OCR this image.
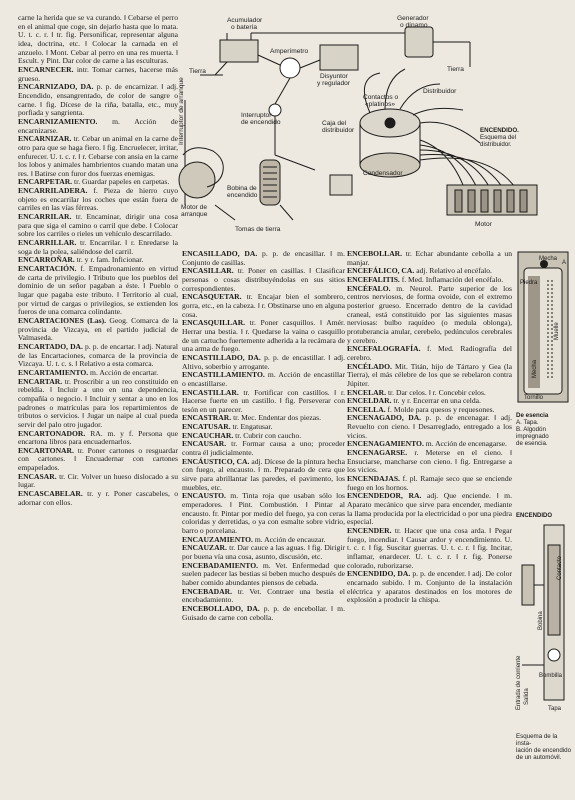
Acumulador
o batería
Generador
o dínamo
Tierra	Tierra
Amperímetro
Disyuntor
y regulador
Interruptor de arranque	Interruptor
de encendido
Distribuidor
Contactos o
«platinos»
Caja del
distribuidor
Condensador
Bobina de
encendido
Motor de
arranque
Tomas de tierra
Motor
ENCENDIDO.
Esquema del
distribuidor.

carne la herida que se va curando. ‖ Cebarse el perro en el animal que coge, sin dejarlo hasta que lo mata. U. t. c. r. ‖ tr. fig. Personificar, representar alguna idea, doctrina, etc. ‖ Colocar la carnada en el anzuelo. ‖ Mont. Cebar al perro en una res muerta. ‖ Escult. y Pint. Dar color de carne a las esculturas.

ENCARNECER. intr. Tomar carnes, hacerse más grueso.

ENCARNIZADO, DA. p. p. de encarnizar. ‖ adj. Encendido, ensangrentado, de color de sangre o carne. ‖ fig. Dícese de la riña, batalla, etc., muy porfiada y sangrienta.

ENCARNIZAMIENTO. m. Acción de encarnizarse.

ENCARNIZAR. tr. Cebar un animal en la carne de otro para que se haga fiero. ‖ fig. Encruelecer, irritar, enfurecer. U. t. c. r. ‖ r. Cebarse con ansia en la carne los lobos y animales hambrientos cuando matan una res. ‖ Batirse con furor dos fuerzas enemigas.

ENCARPETAR. tr. Guardar papeles en carpetas.

ENCARRILADERA. f. Pieza de hierro cuyo objeto es encarrilar los coches que están fuera de carriles en las vías férreas.

ENCARRILAR. tr. Encaminar, dirigir una cosa para que siga el camino o carril que debe. ‖ Colocar sobre los carriles o rieles un vehículo descarrilado.

ENCARRILLAR. tr. Encarrilar. ‖ r. Enredarse la soga de la polea, saliéndose del carril.

ENCARROÑAR. tr. y r. fam. Inficionar.

ENCARTACIÓN. f. Empadronamiento en virtud de carta de privilegio. ‖ Tributo que los pueblos del dominio de un señor pagaban a éste. ‖ Pueblo o lugar que pagaba este tributo. ‖ Territorio al cual, por virtud de cargas o privilegios, se extienden los fueros de una comarca colindante.

ENCARTACIONES (Las). Geog. Comarca de la provincia de Vizcaya, en el partido judicial de Valmaseda.

ENCARTADO, DA. p. p. de encartar. ‖ adj. Natural de las Encartaciones, comarca de la provincia de Vizcaya. U. t. c. s. ‖ Relativo a esta comarca.

ENCARTAMIENTO. m. Acción de encartar.

ENCARTAR. tr. Proscribir a un reo constituido en rebeldía. ‖ Incluir a uno en una dependencia, compañía o negocio. ‖ Incluir y sentar a uno en los padrones o matrículas para los repartimientos de tributos o servicios. ‖ Jugar un naipe al cual pueda servir del palo otro jugador.

ENCARTONADOR. RA. m. y f. Persona que encartona libros para encuadernarlos.

ENCARTONAR. tr. Poner cartones o resguardar con cartones. ‖ Encuadernar con cartones empapelados.

ENCASAR. tr. Cir. Volver un hueso dislocado a su lugar.

ENCASCABELAR. tr. y r. Poner cascabeles, o adornar con ellos.

ENCASILLADO, DA. p. p. de encasillar. ‖ m. Conjunto de casillas.

ENCASILLAR. tr. Poner en casillas. ‖ Clasificar personas o cosas distribuyéndolas en sus sitios correspondientes.

ENCASQUETAR. tr. Encajar bien el sombrero, gorra, etc., en la cabeza. ‖ r. Obstinarse uno en alguna cosa.

ENCASQUILLAR. tr. Poner casquillos. ‖ Amér. Herrar una bestia. ‖ r. Quedarse la vaina o casquillo de un cartucho fuertemente adherida a la recámara de una arma de fuego.

ENCASTILLADO, DA. p. p. de encastillar. ‖ adj. Altivo, soberbio y arrogante.

ENCASTILLAMIENTO. m. Acción de encastillar o encastillarse.

ENCASTILLAR. tr. Fortificar con castillos. ‖ r. Hacerse fuerte en un castillo. ‖ fig. Perseverar con tesón en un parecer.

ENCASTRAR. tr. Mec. Endentar dos piezas.

ENCATUSAR. tr. Engatusar.

ENCAUCHAR. tr. Cubrir con caucho.

ENCAUSAR. tr. Formar causa a uno; proceder contra él judicialmente.

ENCÁUSTICO, CA. adj. Dícese de la pintura hecha con fuego, al encausto. ‖ m. Preparado de cera que sirve para abrillantar las paredes, el pavimento, los muebles, etc.

ENCAUSTO. m. Tinta roja que usaban sólo los emperadores. ‖ Pint. Combustión. ‖ Pintar al encausto. fr. Pintar por medio del fuego, ya con ceras coloridas y derretidas, o ya con esmalte sobre vidrio, barro o porcelana.

ENCAUZAMIENTO. m. Acción de encauzar.

ENCAUZAR. tr. Dar cauce a las aguas. ‖ fig. Dirigir por buena vía una cosa, asunto, discusión, etc.

ENCEBADAMIENTO. m. Vet. Enfermedad que suelen padecer las bestias si beben mucho después de haber comido abundantes piensos de cebada.

ENCEBADAR. tr. Vet. Contraer una bestia el encebadamiento.

ENCEBOLLADO, DA. p. p. de encebollar. ‖ m. Guisado de carne con cebolla.

ENCEBOLLAR. tr. Echar abundante cebolla a un manjar.

ENCEFÁLICO, CA. adj. Relativo al encéfalo.

ENCEFALITIS. f. Med. Inflamación del encéfalo.

ENCÉFALO. m. Neurol. Parte superior de los centros nerviosos, de forma ovoide, con el extremo posterior grueso. Encerrado dentro de la cavidad craneal, está constituido por las siguientes masas nerviosas: bulbo raquídeo (o medula oblonga), protuberancia anular, cerebelo, pedúnculos cerebrales y cerebro.

ENCEFALOGRAFÍA. f. Med. Radiografía del cerebro.

ENCÉLADO. Mit. Titán, hijo de Tártaro y Gea (la Tierra), el más célebre de los que se rebelaron contra Júpiter.

ENCELAR. tr. Dar celos. ‖ r. Concebir celos.

ENCELDAR. tr. y r. Encerrar en una celda.

ENCELLA. f. Molde para quesos y requesones.

ENCENAGADO, DA. p. p. de encenagar. ‖ adj. Revuelto con cieno. ‖ Desarreglado, entregado a los vicios.

ENCENAGAMIENTO. m. Acción de encenagarse.

ENCENAGARSE. r. Meterse en el cieno. ‖ Ensuciarse, mancharse con cieno. ‖ fig. Entregarse a los vicios.

ENCENDAJAS. f. pl. Ramaje seco que se enciende fuego en los hornos.

ENCENDEDOR, RA. adj. Que enciende. ‖ m. Aparato mecánico que sirve para encender, mediante la llama producida por la electricidad o por una piedra especial.

ENCENDER. tr. Hacer que una cosa arda. ‖ Pegar fuego, incendiar. ‖ Causar ardor y encendimiento. U. t. c. r. ‖ fig. Suscitar guerras. U. t. c. r. ‖ fig. Incitar, inflamar, enardecer. U. t. c. r. ‖ r. fig. Ponerse colorado, ruborizarse.

ENCENDIDO, DA. p. p. de encender. ‖ adj. De color encarnado subido. ‖ m. Conjunto de la instalación eléctrica y aparatos destinados en los motores de explosión a producir la chispa.

Mecha
Piedra
Muelle
Tornillo
Mecha
A
De esencia
A. Tapa.
B. Algodón impregnado
de esencia.
ENCENDIDO
Contacto
Bobina
Bombilla
Entrada de corriente Salida
Tapa
Esquema de la insta-
lación de encendido
de un automóvil.
